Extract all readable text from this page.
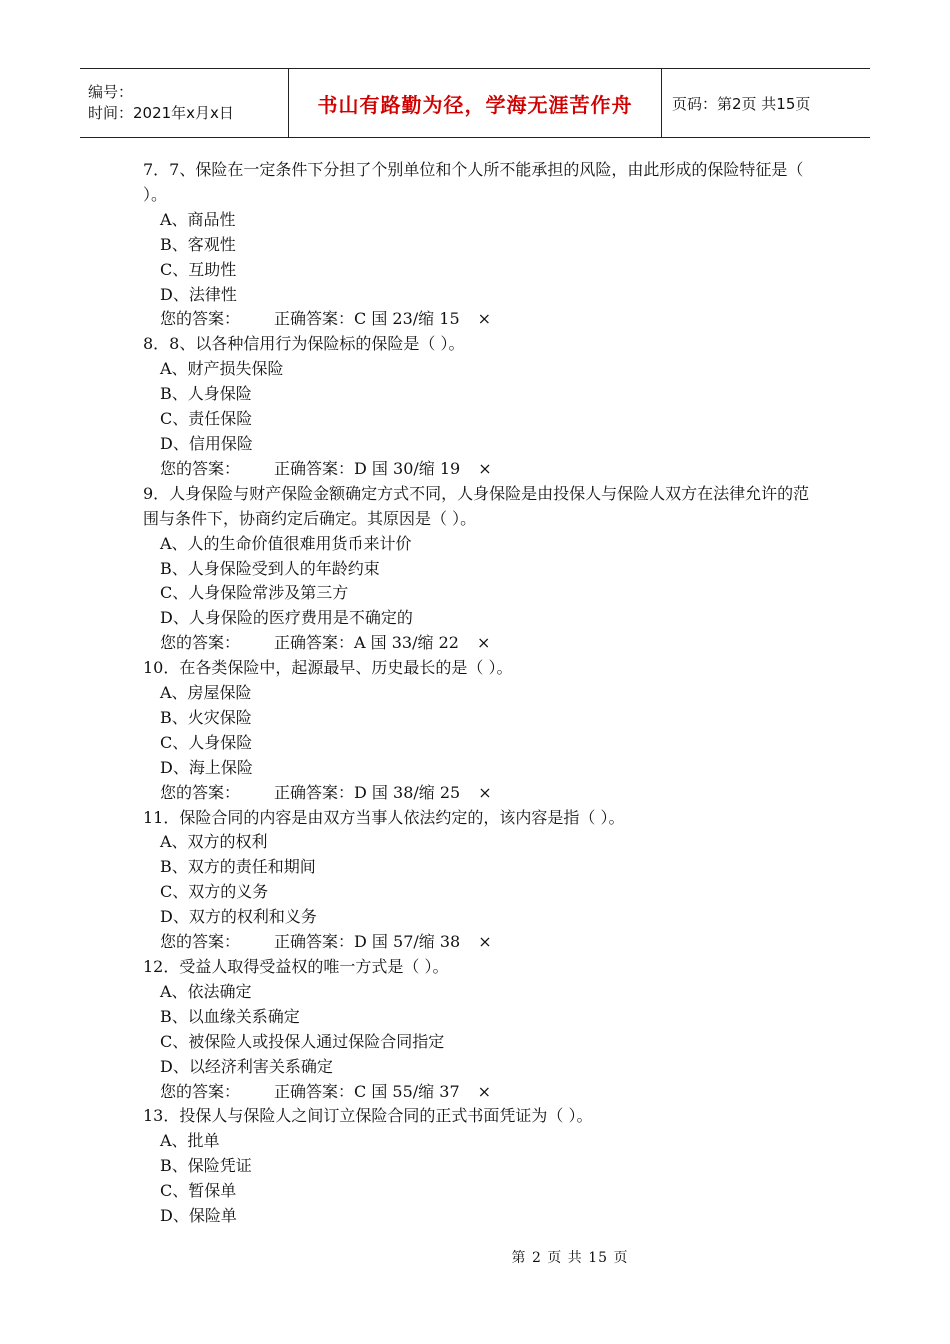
编号：
时间：2021年x月x日	书山有路勤为径，学海无涯苦作舟	页码：第2页 共15页
7．7、保险在一定条件下分担了个别单位和个人所不能承担的风险，由此形成的保险特征是（ ）。
A、商品性
B、客观性
C、互助性
D、法律性
您的答案： 正确答案：C 国 23/缩 15 ×
8．8、以各种信用行为保险标的保险是（ ）。
A、财产损失保险
B、人身保险
C、责任保险
D、信用保险
您的答案： 正确答案：D 国 30/缩 19 ×
9．人身保险与财产保险金额确定方式不同，人身保险是由投保人与保险人双方在法律允许的范围与条件下，协商约定后确定。其原因是（ ）。
A、人的生命价值很难用货币来计价
B、人身保险受到人的年龄约束
C、人身保险常涉及第三方
D、人身保险的医疗费用是不确定的
您的答案： 正确答案：A 国 33/缩 22 ×
10．在各类保险中，起源最早、历史最长的是（ ）。
A、房屋保险
B、火灾保险
C、人身保险
D、海上保险
您的答案： 正确答案：D 国 38/缩 25 ×
11．保险合同的内容是由双方当事人依法约定的，该内容是指（ ）。
A、双方的权利
B、双方的责任和期间
C、双方的义务
D、双方的权利和义务
您的答案： 正确答案：D 国 57/缩 38 ×
12．受益人取得受益权的唯一方式是（ ）。
A、依法确定
B、以血缘关系确定
C、被保险人或投保人通过保险合同指定
D、以经济利害关系确定
您的答案： 正确答案：C 国 55/缩 37 ×
13．投保人与保险人之间订立保险合同的正式书面凭证为（ ）。
A、批单
B、保险凭证
C、暂保单
D、保险单
第 2 页 共 15 页
